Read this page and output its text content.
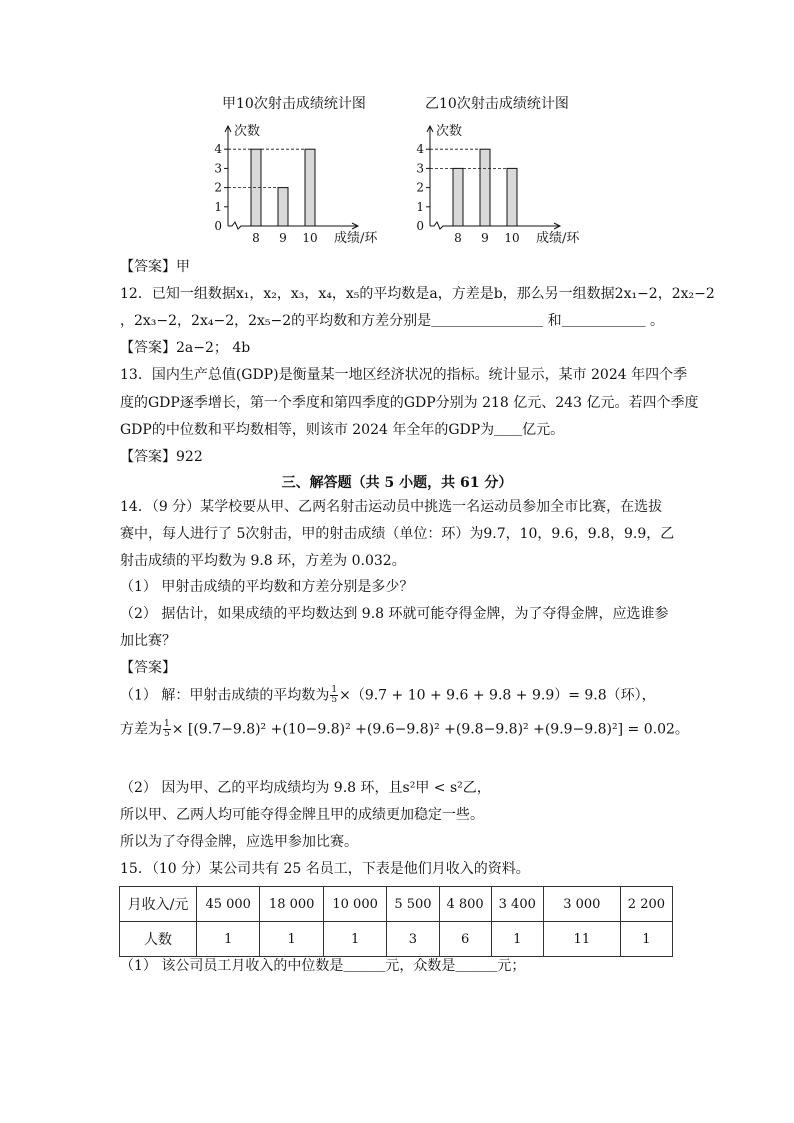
甲10次射击成绩统计图	乙10次射击成绩统计图
0
1
2
3
4
次数
8 9 10 成绩/环
0
1
2
3
4
次数
8 9 10 成绩/环
【答案】甲
12．已知一组数据x₁，x₂，x₃，x₄，x₅的平均数是a，方差是b，那么另一组数据2x₁−2，2x₂−2
，2x₃−2，2x₄−2，2x₅−2的平均数和方差分别是＿＿＿＿＿＿＿＿ 和＿＿＿＿＿＿ 。
【答案】2a−2； 4b
13．国内生产总值(GDP)是衡量某一地区经济状况的指标。统计显示，某市 2024 年四个季
度的GDP逐季增长，第一个季度和第四季度的GDP分别为 218 亿元、243 亿元。若四个季度
GDP的中位数和平均数相等，则该市 2024 年全年的GDP为＿＿亿元。
【答案】922
三、解答题（共 5 小题，共 61 分）
14．（9 分）某学校要从甲、乙两名射击运动员中挑选一名运动员参加全市比赛，在选拔
赛中，每人进行了 5次射击，甲的射击成绩（单位：环）为9.7，10，9.6，9.8，9.9，乙
射击成绩的平均数为 9.8 环，方差为 0.032。
（1） 甲射击成绩的平均数和方差分别是多少？
（2） 据估计，如果成绩的平均数达到 9.8 环就可能夺得金牌，为了夺得金牌，应选谁参
加比赛？
【答案】
（1） 解：甲射击成绩的平均数为 $\frac{1}{5} \times(9.7 + 10 + 9.6 + 9.8 + 9.9)= 9.8$（环），
方差为 $\frac{1}{5} \times [(9.7-9.8)^2 +(10-9.8)^2 +(9.6-9.8)^2 +(9.8-9.8)^2 +(9.9-9.8)^2] = 0.02$。
（2） 因为甲、乙的平均成绩均为 9.8 环，且s²甲 < s²乙，
所以甲、乙两人均可能夺得金牌且甲的成绩更加稳定一些。
所以为了夺得金牌，应选甲参加比赛。
15．（10 分）某公司共有 25 名员工，下表是他们月收入的资料。
月收入/元	45 000	18 000	10 000	5 500	4 800	3 400	3 000	2 200
人数	1	1	1	3	6	1	11	1
（1） 该公司员工月收入的中位数是＿＿＿元，众数是＿＿＿元；
